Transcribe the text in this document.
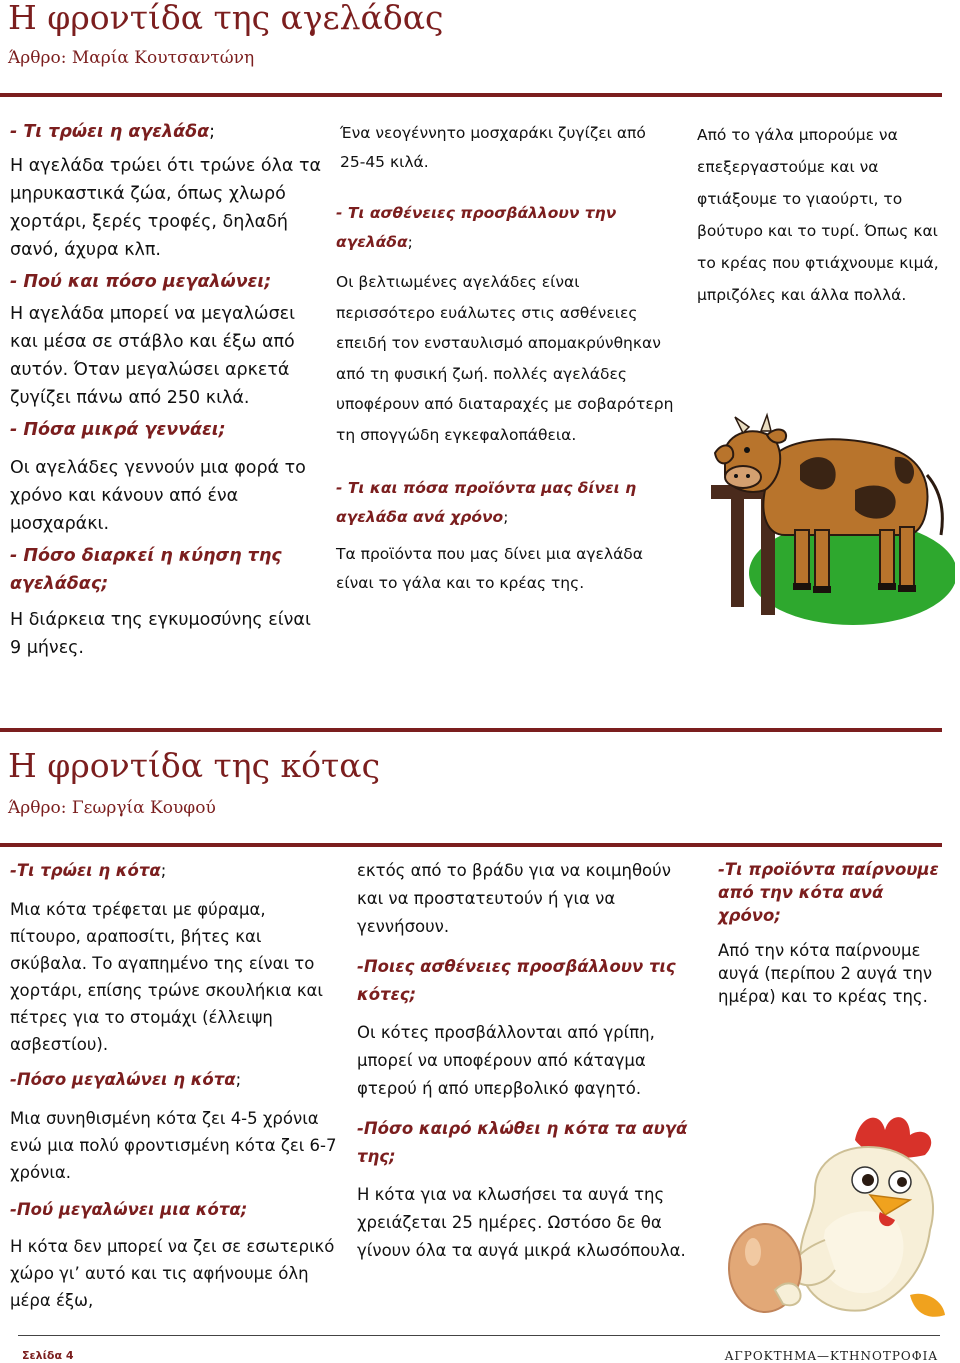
Η φροντίδα της αγελάδας
Άρθρο: Μαρία Κουτσαντώνη

- Τι τρώει η αγελάδα;

Η αγελάδα τρώει ότι τρώνε όλα τα μηρυκαστικά ζώα, όπως χλωρό χορτάρι, ξερές τροφές, δηλαδή σανό, άχυρα κλπ.

- Πού και πόσο μεγαλώνει;

Η αγελάδα μπορεί να μεγαλώσει και μέσα σε στάβλο και έξω από αυτόν. Όταν μεγαλώσει αρκετά ζυγίζει πάνω από 250 κιλά.

- Πόσα μικρά γεννάει;

Οι αγελάδες γεννούν μια φορά το χρόνο και κάνουν από ένα μοσχαράκι.

- Πόσο διαρκεί η κύηση της αγελάδας;

Η διάρκεια της εγκυμοσύνης είναι 9 μήνες.

Ένα νεογέννητο μοσχαράκι ζυγίζει από 25-45 κιλά.

- Τι ασθένειες προσβάλλουν την αγελάδα;

Οι βελτιωμένες αγελάδες είναι περισσότερο ευάλωτες στις ασθένειες επειδή τον ενσταυλισμό απομακρύνθηκαν από τη φυσική ζωή. πολλές αγελάδες υποφέρουν από διαταραχές με σοβαρότερη τη σπογγώδη εγκεφαλοπάθεια.

- Τι και πόσα προϊόντα μας δίνει η αγελάδα ανά χρόνο;

Τα προϊόντα που μας δίνει μια αγελάδα είναι το γάλα και το κρέας της.

Από το γάλα μπορούμε να επεξεργαστούμε και να φτιάξουμε το γιαούρτι, το βούτυρο και το τυρί. Όπως και το κρέας που φτιάχνουμε κιμά, μπριζόλες και άλλα πολλά.

Η φροντίδα της κότας
Άρθρο: Γεωργία Κουφού

-Τι τρώει η κότα;

Μια κότα τρέφεται με φύραμα, πίτουρο, αραποσίτι, βήτες και σκύβαλα. Το αγαπημένο της είναι το χορτάρι, επίσης τρώνε σκουλήκια και πέτρες για το στομάχι (έλλειψη ασβεστίου).

-Πόσο μεγαλώνει η κότα;

Μια συνηθισμένη κότα ζει 4-5 χρόνια ενώ μια πολύ φροντισμένη κότα ζει 6-7 χρόνια.

-Πού μεγαλώνει μια κότα;

Η κότα δεν μπορεί να ζει σε εσωτερικό χώρο γι’ αυτό και τις αφήνουμε όλη μέρα έξω,

εκτός από το βράδυ για να κοιμηθούν και να προστατευτούν ή για να γεννήσουν.

-Ποιες ασθένειες προσβάλλουν τις κότες;

Οι κότες προσβάλλονται από γρίπη, μπορεί να υποφέρουν από κάταγμα φτερού ή από υπερβολικό φαγητό.

-Πόσο καιρό κλώθει η κότα τα αυγά της;

Η κότα για να κλωσήσει τα αυγά της χρειάζεται 25 ημέρες. Ωστόσο δε θα γίνουν όλα τα αυγά μικρά κλωσόπουλα.

-Τι προϊόντα παίρνουμε από την κότα ανά χρόνο;

Από την κότα παίρνουμε αυγά (περίπου 2 αυγά την ημέρα) και το κρέας της.

Σελίδα 4	ΑΓΡΟΚΤΗΜΑ—ΚΤΗΝΟΤΡΟΦΙΑ
